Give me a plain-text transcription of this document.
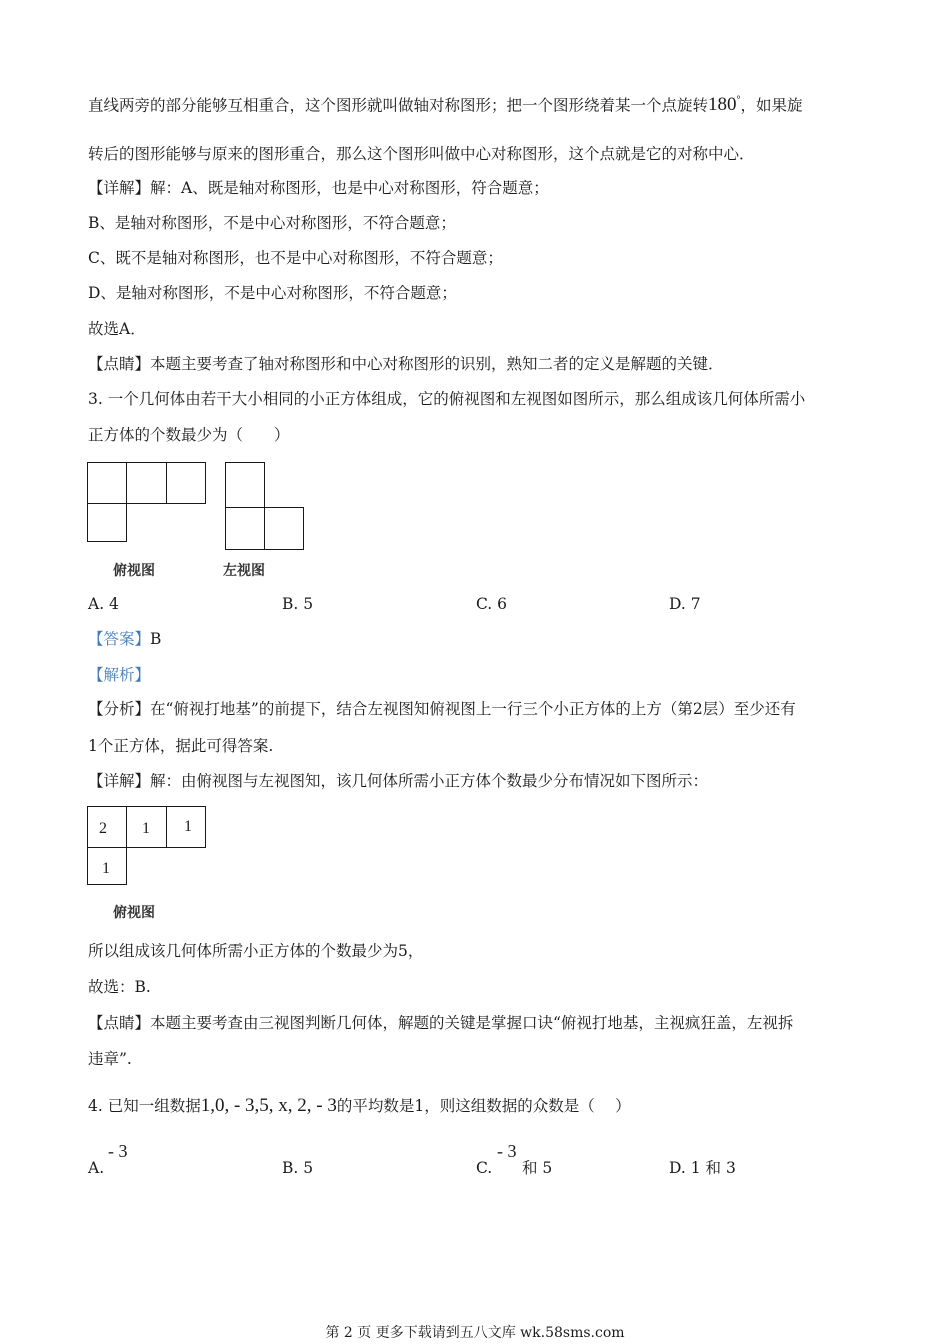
直线两旁的部分能够互相重合，这个图形就叫做轴对称图形；把一个图形绕着某一个点旋转180°，如果旋
转后的图形能够与原来的图形重合，那么这个图形叫做中心对称图形，这个点就是它的对称中心．
【详解】解：A、既是轴对称图形，也是中心对称图形，符合题意；
B、是轴对称图形，不是中心对称图形，不符合题意；
C、既不是轴对称图形，也不是中心对称图形，不符合题意；
D、是轴对称图形，不是中心对称图形，不符合题意；
故选A．
【点睛】本题主要考查了轴对称图形和中心对称图形的识别，熟知二者的定义是解题的关键．
3. 一个几何体由若干大小相同的小正方体组成，它的俯视图和左视图如图所示，那么组成该几何体所需小
正方体的个数最少为（　　）
俯视图	左视图
A. 4	B. 5	C. 6	D. 7
【答案】B
【解析】
【分析】在“俯视打地基”的前提下，结合左视图知俯视图上一行三个小正方体的上方（第2层）至少还有
1个正方体，据此可得答案.
【详解】解：由俯视图与左视图知，该几何体所需小正方体个数最少分布情况如下图所示：
2 1 1
1
俯视图
所以组成该几何体所需小正方体的个数最少为5，
故选：B.
【点睛】本题主要考查由三视图判断几何体，解题的关键是掌握口诀“俯视打地基，主视疯狂盖，左视拆
违章”.
4. 已知一组数据1,0, - 3,5, x, 2, - 3的平均数是1，则这组数据的众数是（　 ）
A.
- 3
B. 5	C.
- 3
和 5	D. 1 和 3
第 2 页 更多下载请到五八文库 wk.58sms.com
